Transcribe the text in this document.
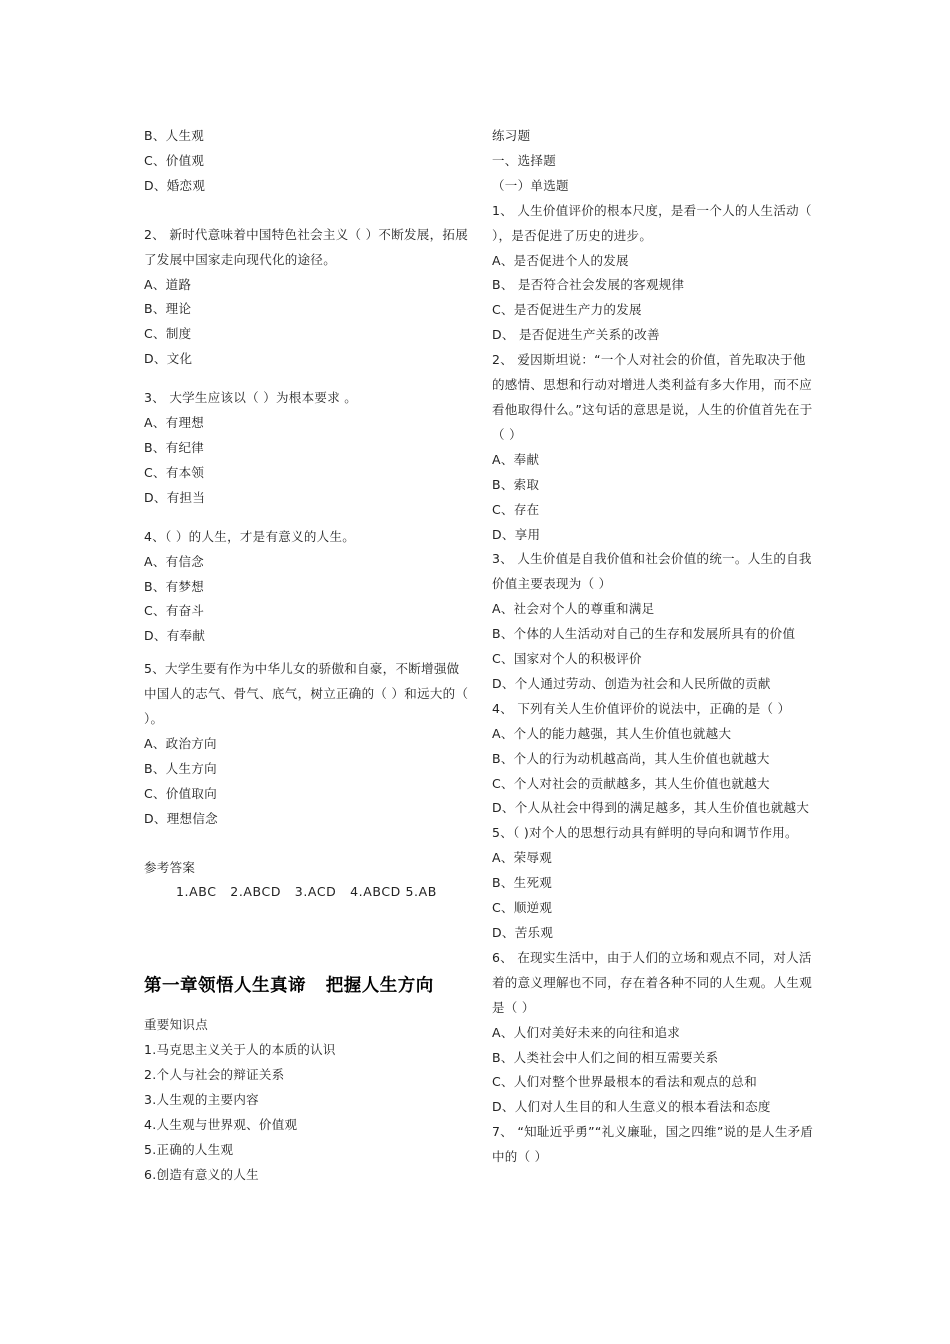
B、人生观
C、价值观
D、婚恋观
2、 新时代意味着中国特色社会主义（ ）不断发展，拓展了发展中国家走向现代化的途径。
A、道路
B、理论
C、制度
D、文化
3、 大学生应该以（ ）为根本要求 。
A、有理想
B、有纪律
C、有本领
D、有担当
4、（ ）的人生，才是有意义的人生。
A、有信念
B、有梦想
C、有奋斗
D、有奉献
5、大学生要有作为中华儿女的骄傲和自豪，不断增强做中国人的志气、骨气、底气，树立正确的（ ）和远大的（ ）。
A、政治方向
B、人生方向
C、价值取向
D、理想信念
参考答案
1.ABC   2.ABCD   3.ACD   4.ABCD 5.AB
第一章领悟人生真谛   把握人生方向
重要知识点
1.马克思主义关于人的本质的认识
2.个人与社会的辩证关系
3.人生观的主要内容
4.人生观与世界观、价值观
5.正确的人生观
6.创造有意义的人生
练习题
一、选择题
（一）单选题
1、 人生价值评价的根本尺度，是看一个人的人生活动（ ），是否促进了历史的进步。
A、是否促进个人的发展
B、 是否符合社会发展的客观规律
C、是否促进生产力的发展
D、 是否促进生产关系的改善
2、 爱因斯坦说：“一个人对社会的价值，首先取决于他的感情、思想和行动对增进人类利益有多大作用，而不应看他取得什么。”这句话的意思是说，人生的价值首先在于（ ）
A、奉献
B、索取
C、存在
D、享用
3、 人生价值是自我价值和社会价值的统一。人生的自我价值主要表现为（ ）
A、社会对个人的尊重和满足
B、个体的人生活动对自己的生存和发展所具有的价值
C、国家对个人的积极评价
D、个人通过劳动、创造为社会和人民所做的贡献
4、 下列有关人生价值评价的说法中，正确的是（ ）
A、个人的能力越强，其人生价值也就越大
B、个人的行为动机越高尚，其人生价值也就越大
C、个人对社会的贡献越多，其人生价值也就越大
D、个人从社会中得到的满足越多，其人生价值也就越大
5、（ )对个人的思想行动具有鲜明的导向和调节作用。
A、荣辱观
B、生死观
C、顺逆观
D、苦乐观
6、 在现实生活中，由于人们的立场和观点不同，对人活着的意义理解也不同，存在着各种不同的人生观。人生观是（ ）
A、人们对美好未来的向往和追求
B、人类社会中人们之间的相互需要关系
C、人们对整个世界最根本的看法和观点的总和
D、人们对人生目的和人生意义的根本看法和态度
7、 “知耻近乎勇”“礼义廉耻，国之四维”说的是人生矛盾中的（ ）
